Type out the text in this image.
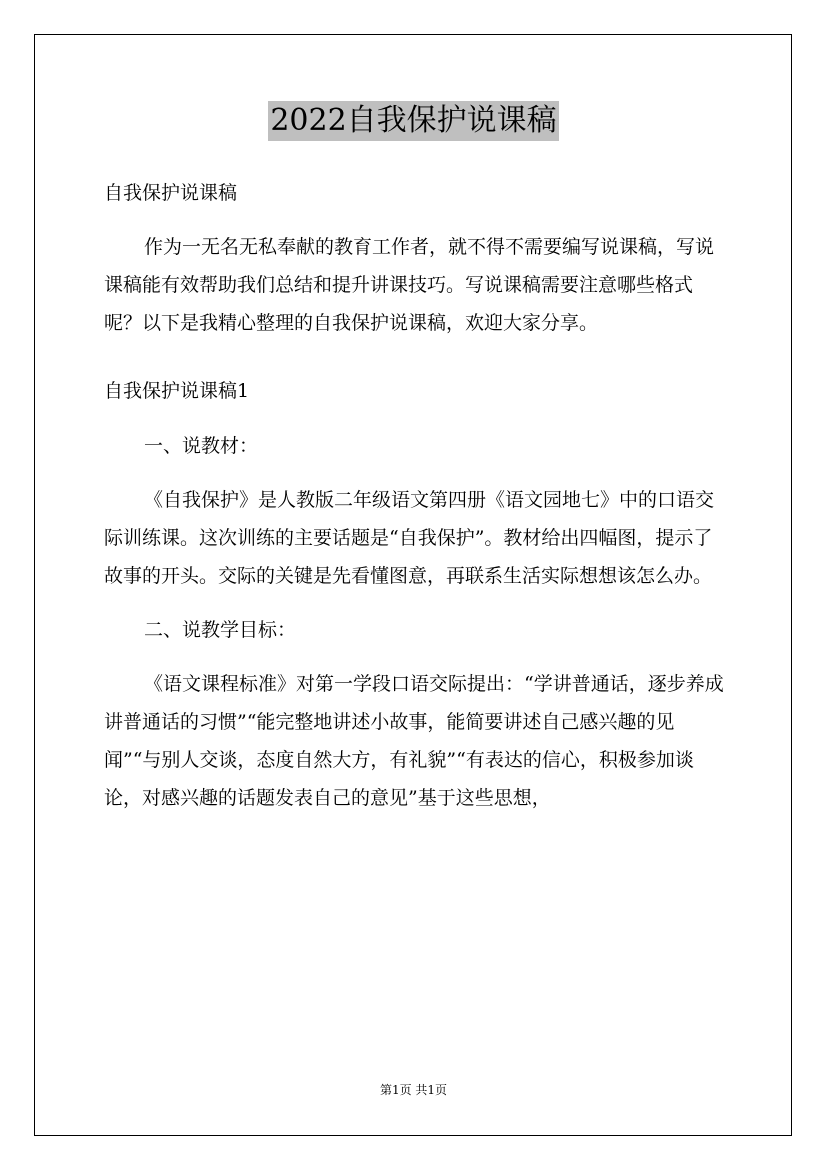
2022自我保护说课稿

自我保护说课稿

作为一无名无私奉献的教育工作者，就不得不需要编写说课稿，写说课稿能有效帮助我们总结和提升讲课技巧。写说课稿需要注意哪些格式呢？以下是我精心整理的自我保护说课稿，欢迎大家分享。

自我保护说课稿1

一、说教材：

《自我保护》是人教版二年级语文第四册《语文园地七》中的口语交际训练课。这次训练的主要话题是“自我保护”。教材给出四幅图，提示了故事的开头。交际的关键是先看懂图意，再联系生活实际想想该怎么办。

二、说教学目标：

《语文课程标准》对第一学段口语交际提出：“学讲普通话，逐步养成讲普通话的习惯”“能完整地讲述小故事，能简要讲述自己感兴趣的见闻”“与别人交谈，态度自然大方，有礼貌”“有表达的信心，积极参加谈论，对感兴趣的话题发表自己的意见”基于这些思想，

第1页 共1页
